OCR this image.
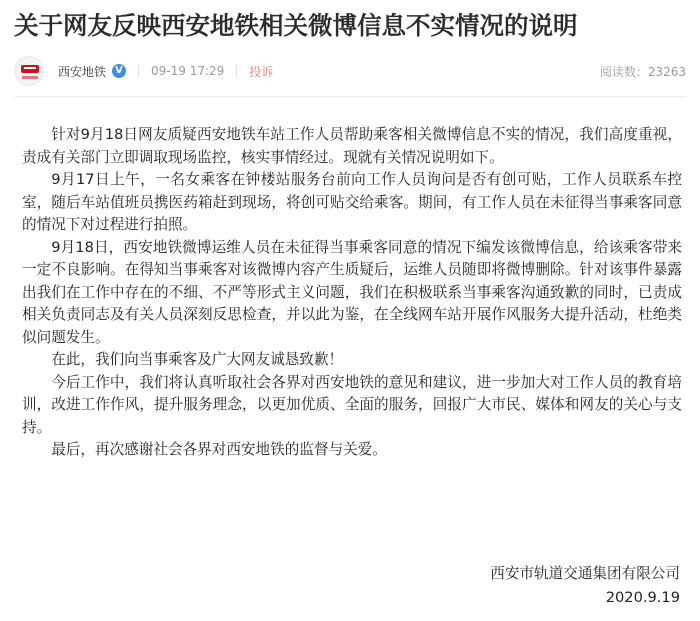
关于网友反映西安地铁相关微博信息不实情况的说明
西安地铁 V 09-19 17:29 投诉	阅读数：23263

针对9月18日网友质疑西安地铁车站工作人员帮助乘客相关微博信息不实的情况，我们高度重视，责成有关部门立即调取现场监控，核实事情经过。现就有关情况说明如下。

9月17日上午，一名女乘客在钟楼站服务台前向工作人员询问是否有创可贴，工作人员联系车控室，随后车站值班员携医药箱赶到现场，将创可贴交给乘客。期间，有工作人员在未征得当事乘客同意的情况下对过程进行拍照。

9月18日，西安地铁微博运维人员在未征得当事乘客同意的情况下编发该微博信息，给该乘客带来一定不良影响。在得知当事乘客对该微博内容产生质疑后，运维人员随即将微博删除。针对该事件暴露出我们在工作中存在的不细、不严等形式主义问题，我们在积极联系当事乘客沟通致歉的同时，已责成相关负责同志及有关人员深刻反思检查，并以此为鉴，在全线网车站开展作风服务大提升活动，杜绝类似问题发生。

在此，我们向当事乘客及广大网友诚恳致歉！

今后工作中，我们将认真听取社会各界对西安地铁的意见和建议，进一步加大对工作人员的教育培训，改进工作作风，提升服务理念，以更加优质、全面的服务，回报广大市民、媒体和网友的关心与支持。

最后，再次感谢社会各界对西安地铁的监督与关爱。

西安市轨道交通集团有限公司
2020.9.19
